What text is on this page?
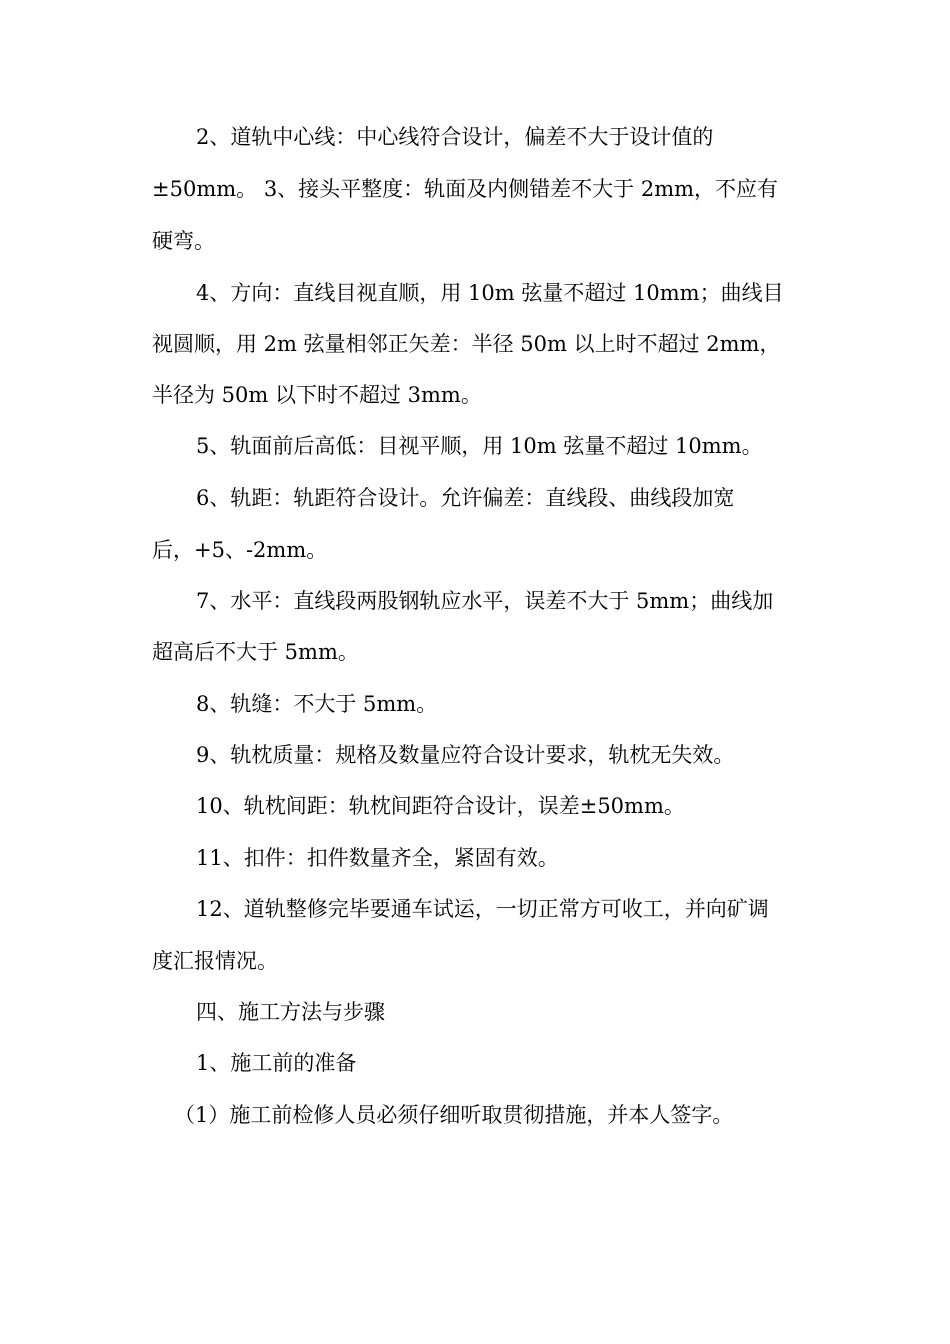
2、道轨中心线：中心线符合设计，偏差不大于设计值的

±50mm。 3、接头平整度：轨面及内侧错差不大于 2mm，不应有

硬弯。

4、方向：直线目视直顺，用 10m 弦量不超过 10mm；曲线目

视圆顺，用 2m 弦量相邻正矢差：半径 50m 以上时不超过 2mm，

半径为 50m 以下时不超过 3mm。

5、轨面前后高低：目视平顺，用 10m 弦量不超过 10mm。

6、轨距：轨距符合设计。允许偏差：直线段、曲线段加宽

后，+5、-2mm。

7、水平：直线段两股钢轨应水平，误差不大于 5mm；曲线加

超高后不大于 5mm。

8、轨缝：不大于 5mm。

9、轨枕质量：规格及数量应符合设计要求，轨枕无失效。

10、轨枕间距：轨枕间距符合设计，误差±50mm。

11、扣件：扣件数量齐全，紧固有效。

12、道轨整修完毕要通车试运，一切正常方可收工，并向矿调

度汇报情况。

四、施工方法与步骤

1、施工前的准备

（1）施工前检修人员必须仔细听取贯彻措施，并本人签字。
